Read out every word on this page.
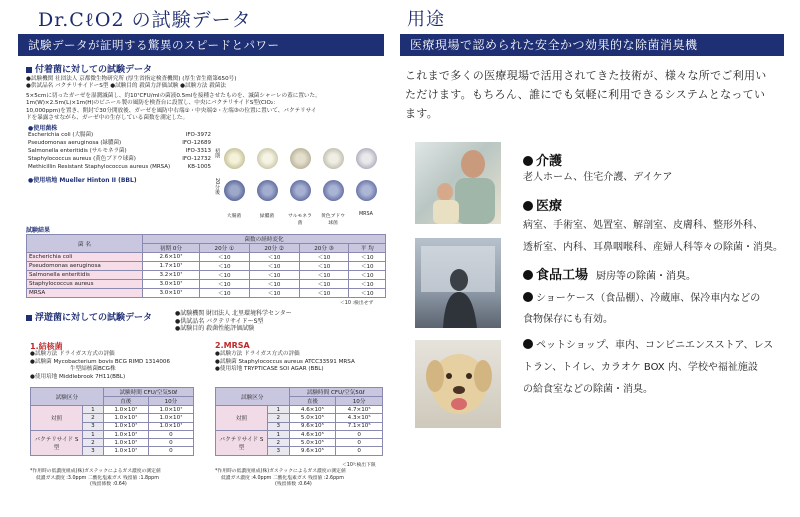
Dr.CℓO2 の試験データ
試験データが証明する驚異のスピードとパワー
付着菌に対しての試験データ
●試験機関 社団法人 京都微生物研究所 (厚生省指定検査機関) (厚生省生衛第650号)
●供試品名 バクテリサイドーS型 ●試験目的 殺菌力評価試験 ●試験方法 殺菌法
5×5cmに切ったガーゼを湿潤滅菌し、約10⁷CFU/mlの菌液0.5mlを接種させたものを、滅菌シャーレの蓋に置いた。
1m(W)×2.5m(L)×1m(H)のビニール製の風防を検査台に設置し、中央にバクテリサイドS型(ClO₂：
10,000ppm)を置き、開封で30分開放後、ガーゼを風防中右端①・中央端②・左端③の位置に置いて、バクテリサイ
ドを暴露させながら、ガーゼ中の生存している菌数を測定した。
●使用菌株
Escherichia coli (大腸菌)	IFO-3972
Pseudomonas aeruginosa (緑膿菌)	IFO-12689
Salmonella enteritidis (サルモネラ菌)	IFO-3313
Staphylococcus aureus (黄色ブドウ球菌)	IFO-12732
Methicillin Resistant Staphylococcus aureus (MRSA)	KB-1005
●使用培地 Mueller Hinton II (BBL)
初期
20分後
大腸菌	緑膿菌	サルモネラ菌
黄色ブドウ球菌
MRSA
試験結果
菌 名	菌数の経時変化				
	初期 0分	20分 ①	20分 ②	20分 ③	平 均
Escherichia coli	2.6×10⁷	＜10	＜10	＜10	＜10
Pseudomonas aeruginosa	1.7×10⁷	＜10	＜10	＜10	＜10
Salmonella enteritidis	3.2×10⁷	＜10	＜10	＜10	＜10
Staphylococcus aureus	3.0×10⁷	＜10	＜10	＜10	＜10
MRSA	3.0×10⁷	＜10	＜10	＜10	＜10
＜10 :検出せず
浮遊菌に対しての試験データ	●試験機関 財団法人 北里環境科学センター
●供試品名 バクテリサイドーS型
●試験目的 殺菌性能評価試験
1.結核菌
●試験方法 ドライガス方式の評価
●試験菌 Mycobacterium bovis BCG RIMD 1314006
牛型結核菌BCG株
●使用培地 Middlebrook 7H11(BBL)
試験区分		試験時間 CFU/空気50ℓ	
		直後	10分
対照	1	1.0×10⁷	1.0×10⁷
	2	1.0×10⁷	1.0×10⁷
	3	1.0×10⁷	1.0×10⁷
バクテリサイド S型	1	1.0×10⁷	0
	2	1.0×10⁷	0
	3	1.0×10⁷	0
*作用時の低濃度組成(株)ガステックによるガス濃度の測定値
低濃ガス濃度 :3.0ppm 二酸化塩素ガス 残留値 :1.8ppm
(残留係数 :0.64)
2.MRSA
●試験方法 ドライガス方式の評価
●試験菌 Staphylococcus aureus ATCC33591 MRSA
●使用培地 TRYPTICASE SOI AGAR (BBL)
試験区分		試験時間 CFU/空気50ℓ	
		直後	10分
対照	1	4.6×10⁵	4.7×10⁵
	2	5.0×10⁵	4.3×10⁵
	3	9.6×10⁵	7.1×10⁵
バクテリサイド S型	1	4.6×10⁵	0
	2	5.0×10⁵	0
	3	9.6×10⁵	0
＜10³:検出下限
*作用時の低濃度組成(株)ガステックによるガス濃度の測定値
低濃ガス濃度 :4.0ppm 二酸化塩素ガス 残留値 :2.6ppm
(残留係数 :0.64)
用途
医療現場で認められた安全かつ効果的な除菌消臭機
これまで多くの医療現場で活用されてきた技術が、様々な所でご利用い
ただけます。もちろん、誰にでも気軽に利用できるシステムとなってい
ます。
介護
老人ホーム、住宅介護、デイケア
医療
病室、手術室、処置室、解剖室、皮膚科、整形外科、
透析室、内科、耳鼻咽喉科、産婦人科等々の除菌・消臭。
食品工場 厨房等の除菌・消臭。
ショーケース（食品棚）、冷蔵庫、保冷車内などの
食物保存にも有効。
ペットショップ、車内、コンビニエンスストア、レス
トラン、トイレ、カラオケ BOX 内、学校や福祉施設
の給食室などの除菌・消臭。
